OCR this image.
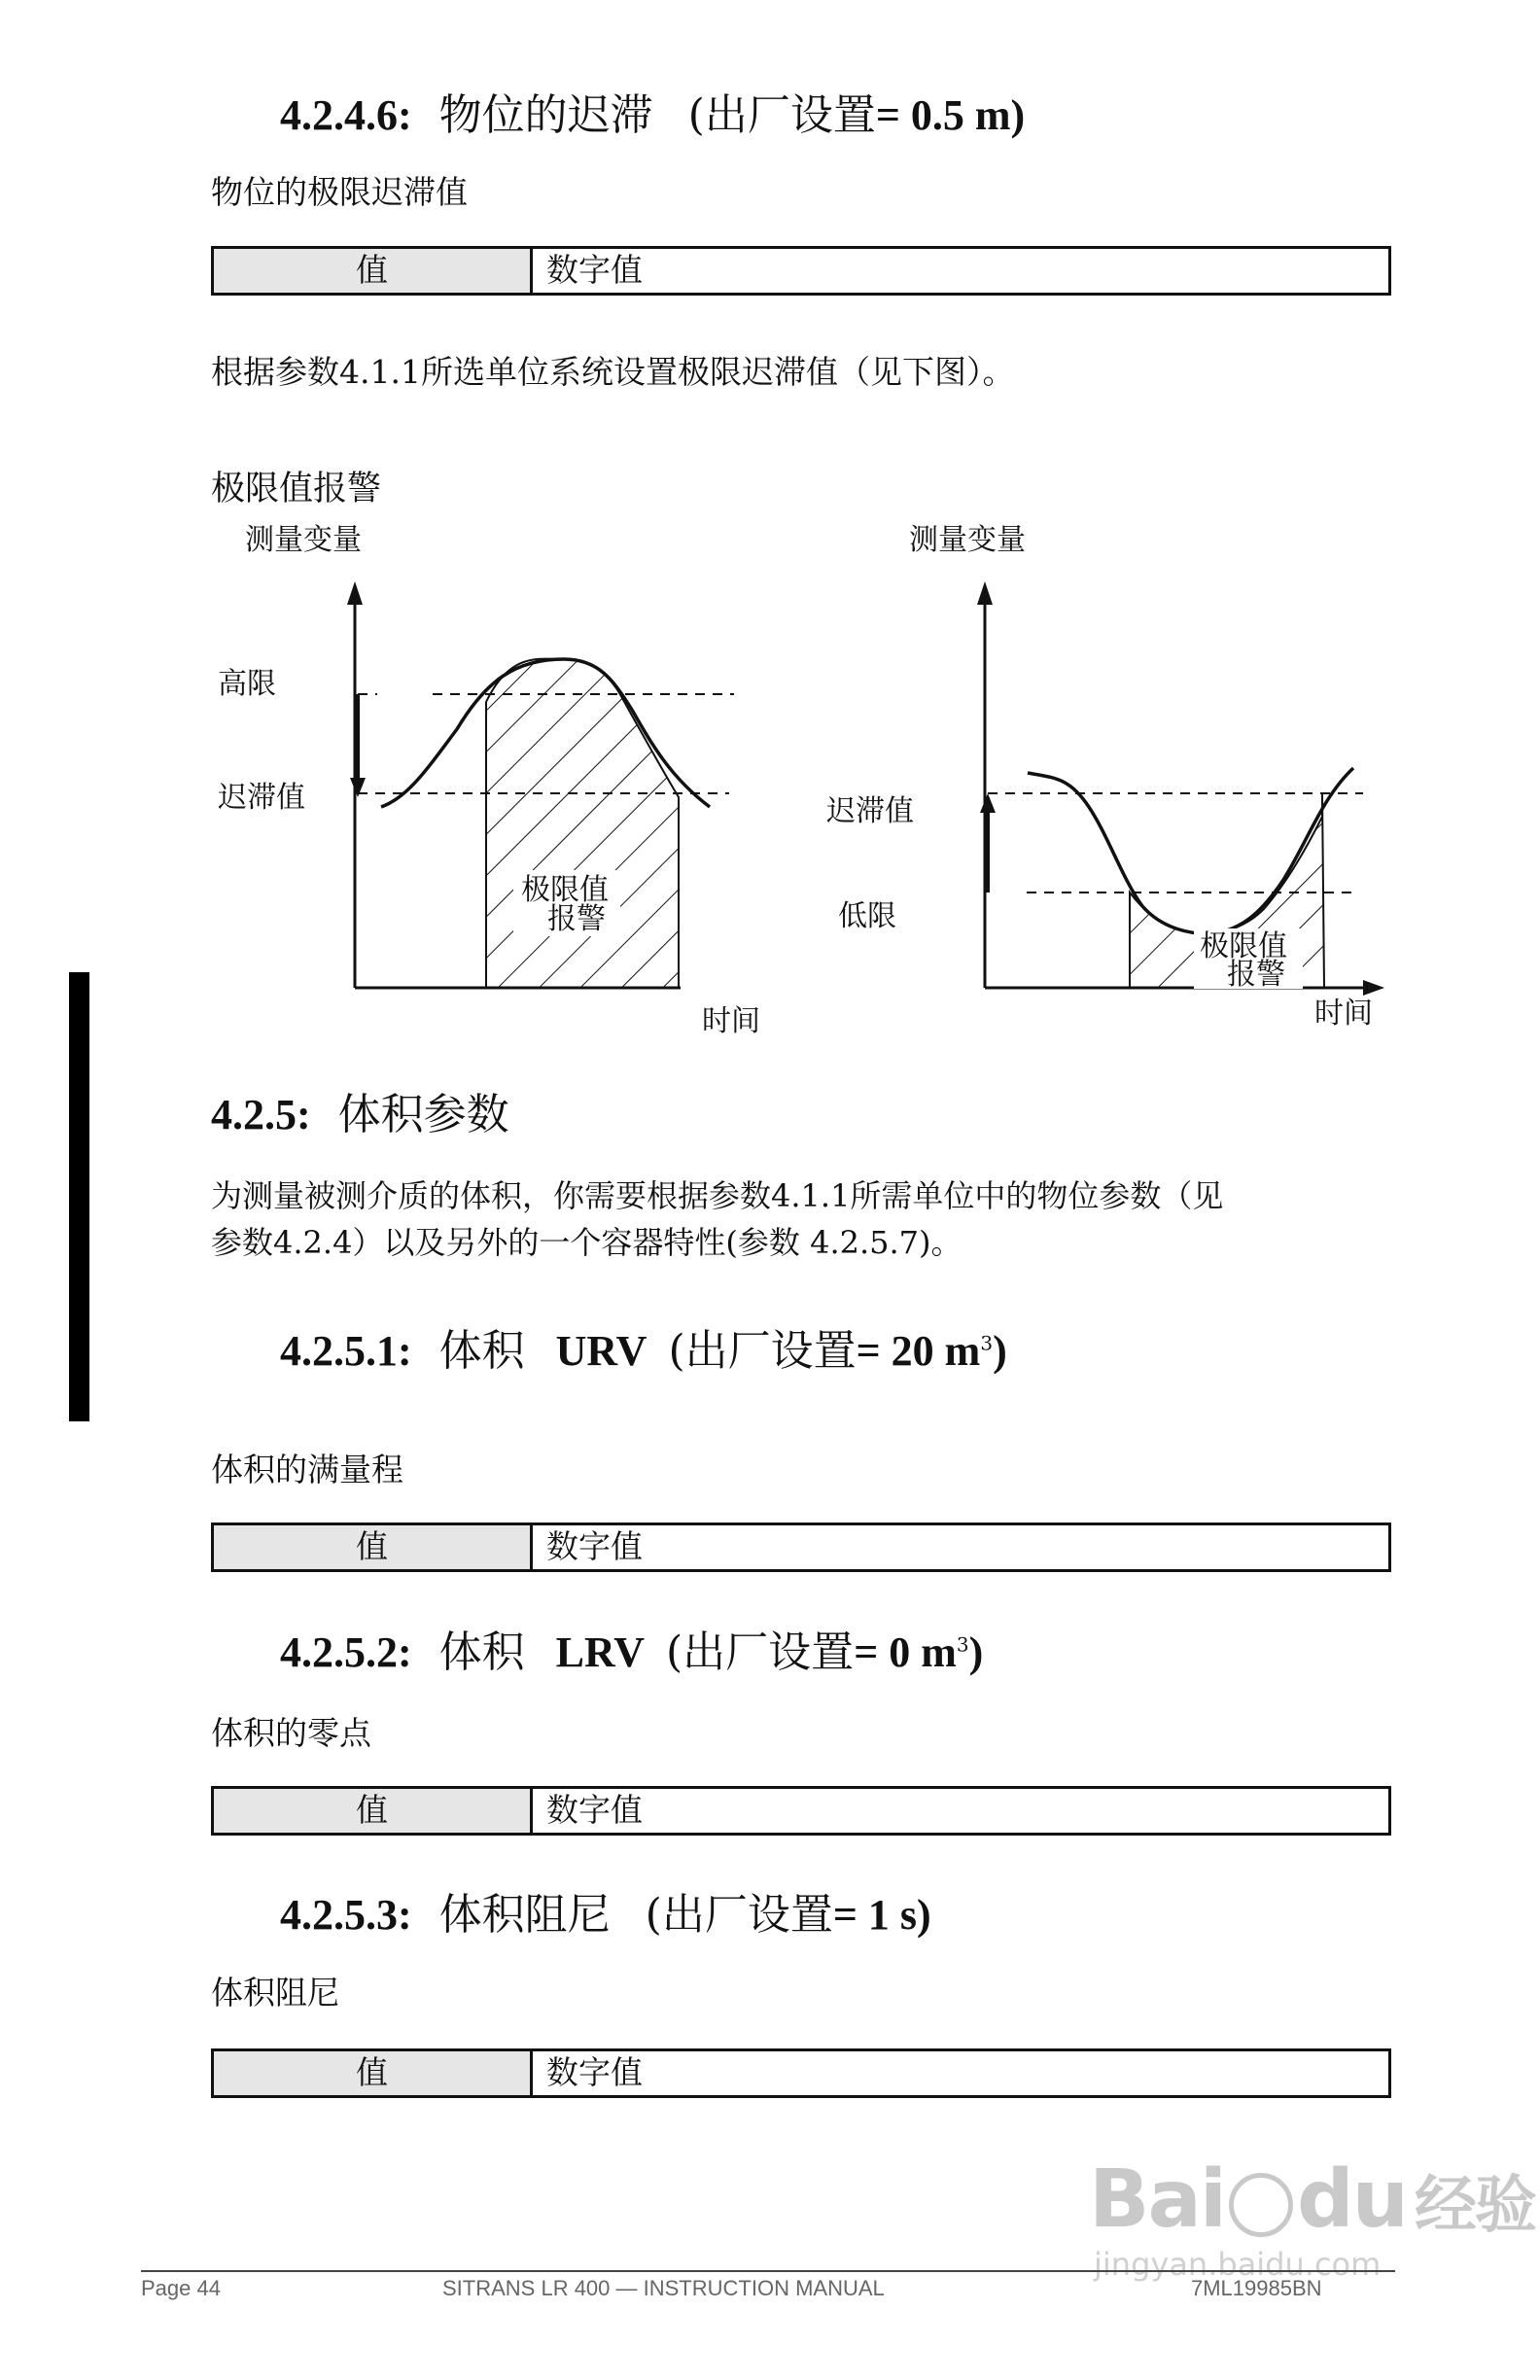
4.2.4.6: 物位的迟滞 (出厂设置= 0.5 m)
物位的极限迟滞值
值	数字值
根据参数4.1.1所选单位系统设置极限迟滞值（见下图）。
极限值报警
测量变量
高限
迟滞值
极限值
报警
时间
测量变量
迟滞值
低限
极限值
报警
时间
4.2.5: 体积参数
为测量被测介质的体积，你需要根据参数4.1.1所需单位中的物位参数（见
参数4.2.4）以及另外的一个容器特性(参数 4.2.5.7)。
4.2.5.1: 体积 URV (出厂设置= 20 $m^3$)
体积的满量程
值	数字值
4.2.5.2: 体积 LRV (出厂设置= 0 $m^3$)
体积的零点
值	数字值
4.2.5.3: 体积阻尼 (出厂设置= 1 s)
体积阻尼
值	数字值
Bai du 经验
jingyan.baidu.com
Page 44	SITRANS LR 400 — INSTRUCTION MANUAL	7ML19985BN
